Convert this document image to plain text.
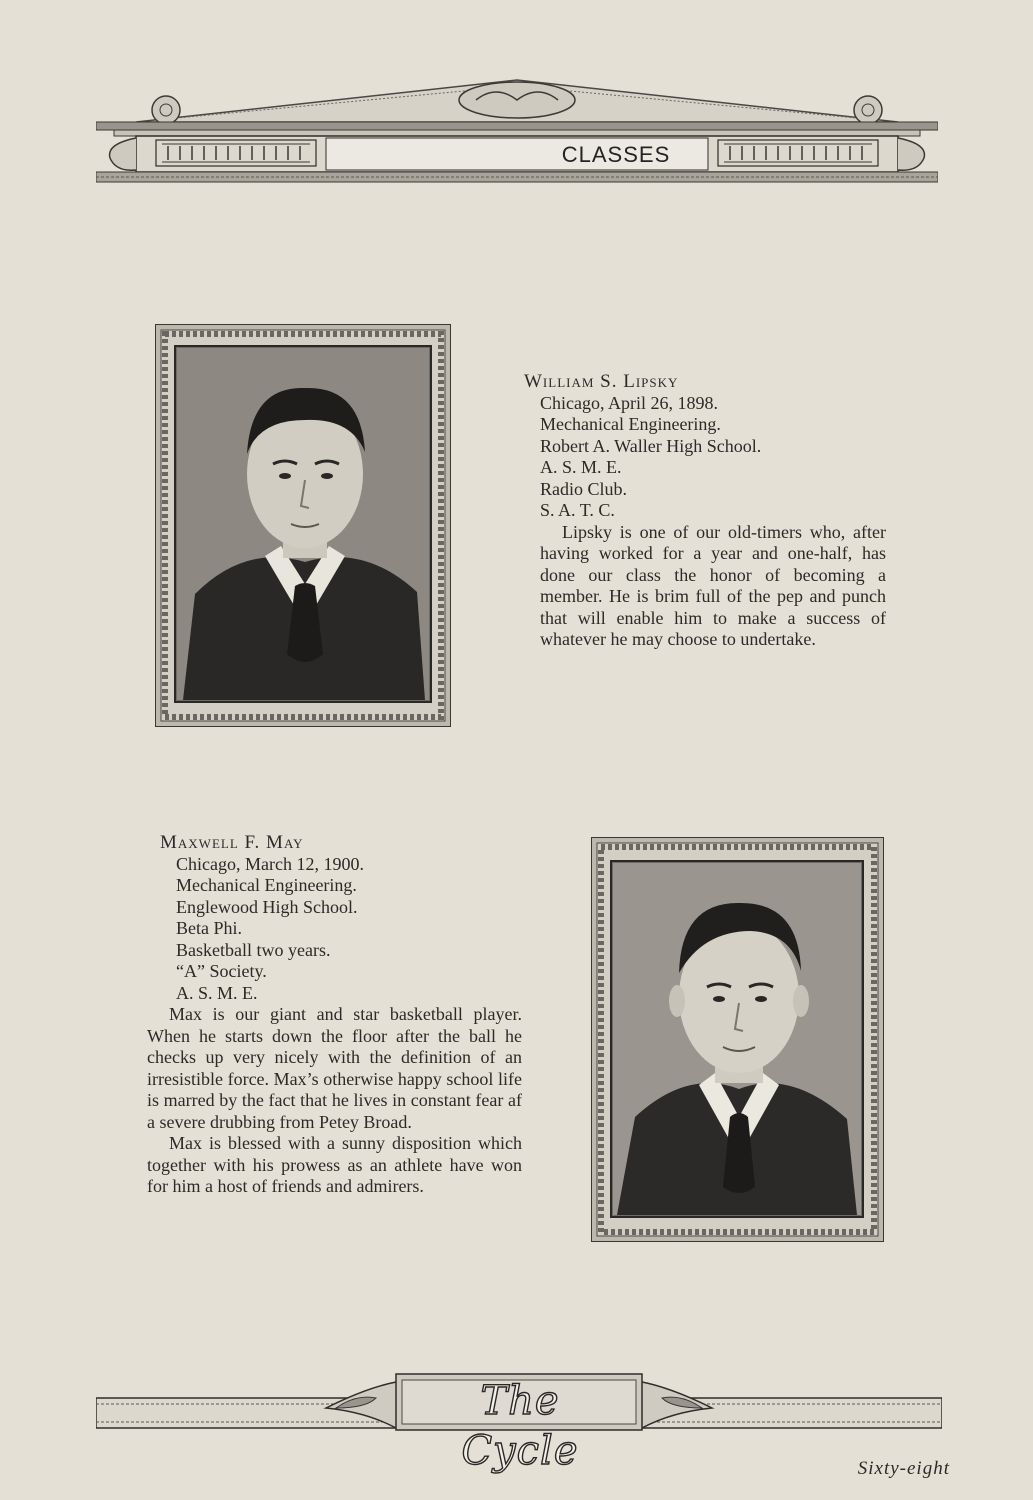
CLASSES
William S. Lipsky
Chicago, April 26, 1898.
Mechanical Engineering.
Robert A. Waller High School.
A. S. M. E.
Radio Club.
S. A. T. C.

Lipsky is one of our old-timers who, after having worked for a year and one-half, has done our class the honor of becoming a member. He is brim full of the pep and punch that will enable him to make a success of whatever he may choose to undertake.

Maxwell F. May
Chicago, March 12, 1900.
Mechanical Engineering.
Englewood High School.
Beta Phi.
Basketball two years.
“A” Society.
A. S. M. E.

Max is our giant and star basketball player. When he starts down the floor after the ball he checks up very nicely with the definition of an irresistible force. Max’s otherwise happy school life is marred by the fact that he lives in constant fear af a severe drubbing from Petey Broad.

Max is blessed with a sunny disposition which together with his prowess as an athlete have won for him a host of friends and admirers.

The Cycle	Sixty-eight
